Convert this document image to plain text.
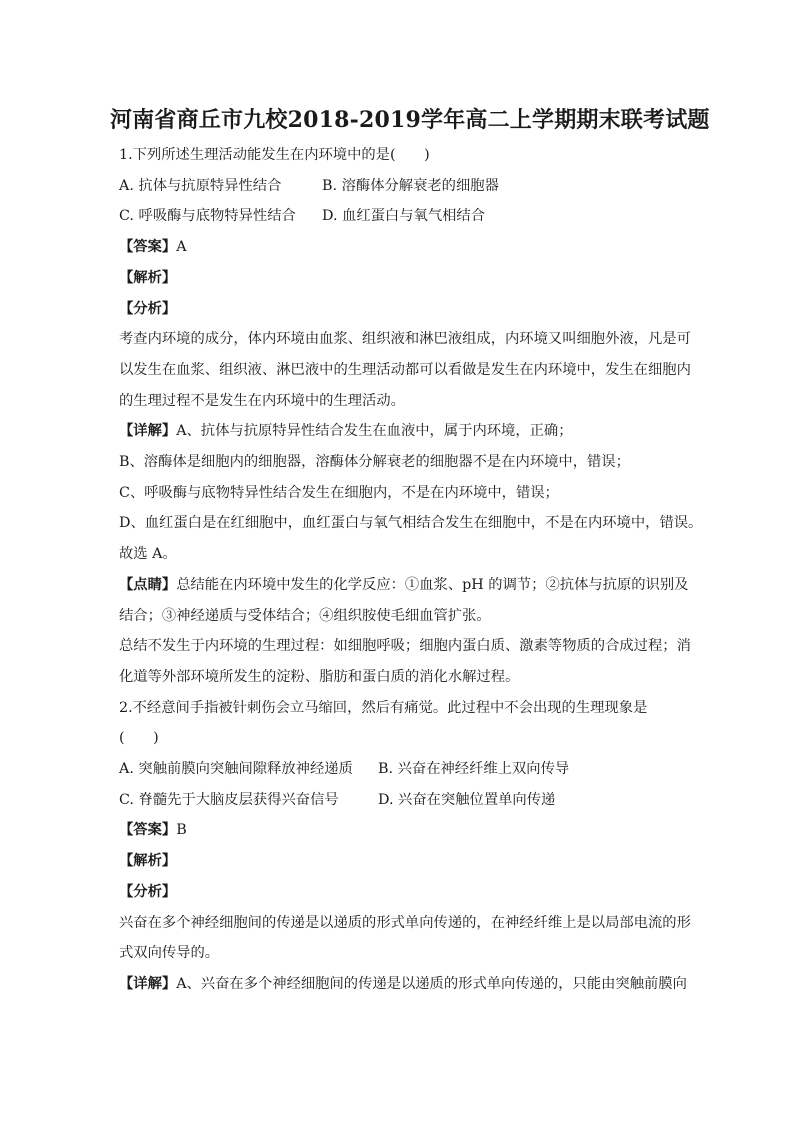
河南省商丘市九校2018-2019学年高二上学期期末联考试题

1.下列所述生理活动能发生在内环境中的是(　　)

A. 抗体与抗原特异性结合	B. 溶酶体分解衰老的细胞器
C. 呼吸酶与底物特异性结合	D. 血红蛋白与氧气相结合

【答案】A

【解析】

【分析】

考查内环境的成分，体内环境由血浆、组织液和淋巴液组成，内环境又叫细胞外液，凡是可

以发生在血浆、组织液、淋巴液中的生理活动都可以看做是发生在内环境中，发生在细胞内

的生理过程不是发生在内环境中的生理活动。

【详解】A、抗体与抗原特异性结合发生在血液中，属于内环境，正确；

B、溶酶体是细胞内的细胞器，溶酶体分解衰老的细胞器不是在内环境中，错误；

C、呼吸酶与底物特异性结合发生在细胞内，不是在内环境中，错误；

D、血红蛋白是在红细胞中，血红蛋白与氧气相结合发生在细胞中，不是在内环境中，错误。

故选 A。

【点睛】总结能在内环境中发生的化学反应：①血浆、pH 的调节；②抗体与抗原的识别及

结合；③神经递质与受体结合；④组织胺使毛细血管扩张。

总结不发生于内环境的生理过程：如细胞呼吸；细胞内蛋白质、激素等物质的合成过程；消

化道等外部环境所发生的淀粉、脂肪和蛋白质的消化水解过程。

2.不经意间手指被针刺伤会立马缩回，然后有痛觉。此过程中不会出现的生理现象是

(　　)

A. 突触前膜向突触间隙释放神经递质	B. 兴奋在神经纤维上双向传导
C. 脊髓先于大脑皮层获得兴奋信号	D. 兴奋在突触位置单向传递

【答案】B

【解析】

【分析】

兴奋在多个神经细胞间的传递是以递质的形式单向传递的，在神经纤维上是以局部电流的形

式双向传导的。

【详解】A、兴奋在多个神经细胞间的传递是以递质的形式单向传递的，只能由突触前膜向
